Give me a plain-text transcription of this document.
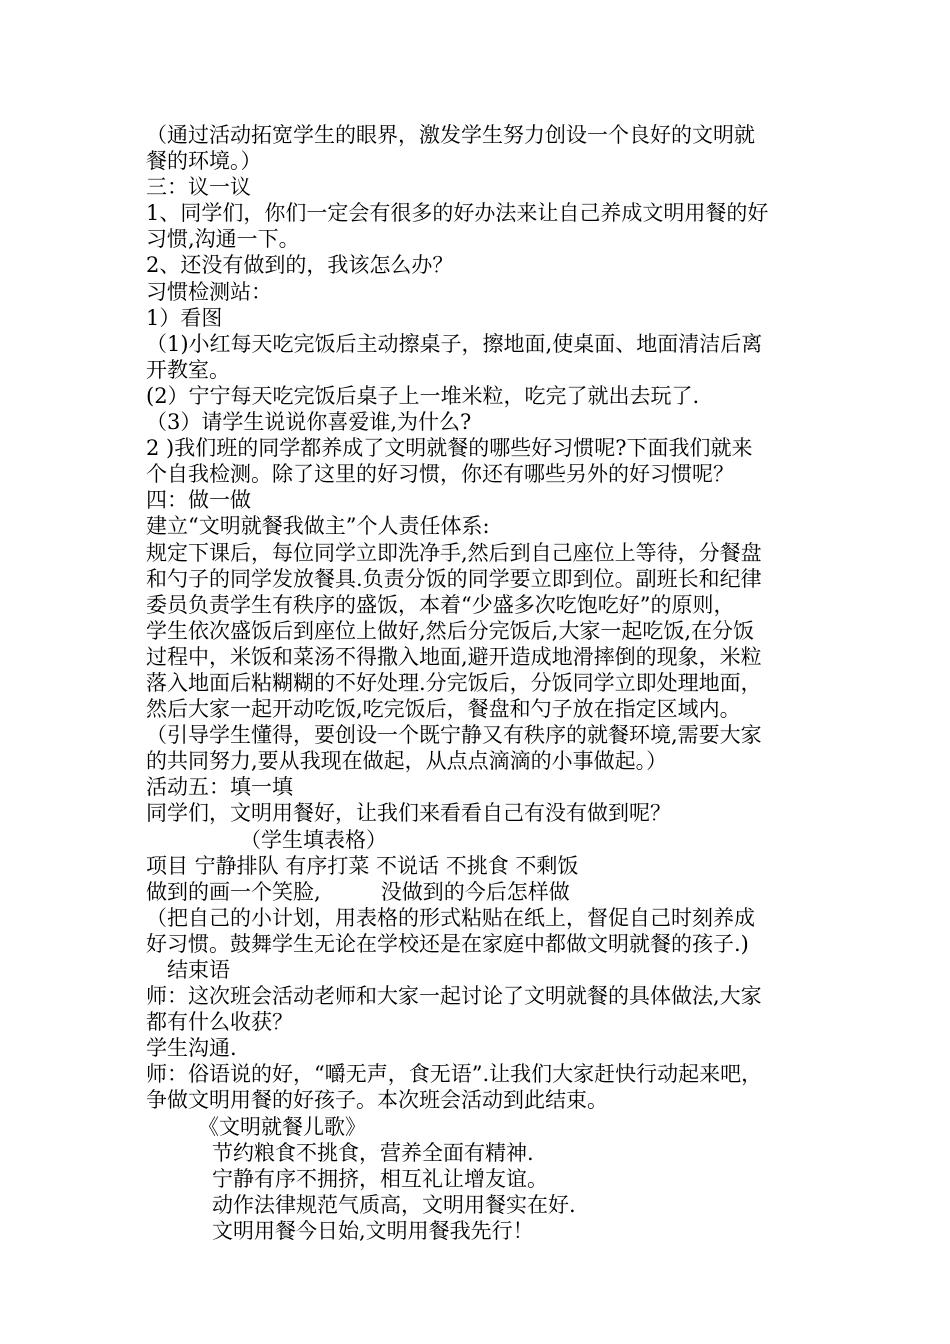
（通过活动拓宽学生的眼界，激发学生努力创设一个良好的文明就
餐的环境。）
三：议一议
1、同学们，你们一定会有很多的好办法来让自己养成文明用餐的好
习惯,沟通一下。
2、还没有做到的，我该怎么办？
习惯检测站：
1）看图
（1)小红每天吃完饭后主动擦桌子，擦地面,使桌面、地面清洁后离
开教室。
(2）宁宁每天吃完饭后桌子上一堆米粒，吃完了就出去玩了.
（3）请学生说说你喜爱谁,为什么?
2 )我们班的同学都养成了文明就餐的哪些好习惯呢?下面我们就来
个自我检测。除了这里的好习惯，你还有哪些另外的好习惯呢？
四：做一做
建立“文明就餐我做主”个人责任体系:
规定下课后，每位同学立即洗净手,然后到自己座位上等待，分餐盘
和勺子的同学发放餐具.负责分饭的同学要立即到位。副班长和纪律
委员负责学生有秩序的盛饭，本着“少盛多次吃饱吃好”的原则，
学生依次盛饭后到座位上做好,然后分完饭后,大家一起吃饭,在分饭
过程中，米饭和菜汤不得撒入地面,避开造成地滑摔倒的现象，米粒
落入地面后粘糊糊的不好处理.分完饭后，分饭同学立即处理地面，
然后大家一起开动吃饭,吃完饭后，餐盘和勺子放在指定区域内。
（引导学生懂得，要创设一个既宁静又有秩序的就餐环境,需要大家
的共同努力,要从我现在做起，从点点滴滴的小事做起。）
活动五：填一填
同学们，文明用餐好，让我们来看看自己有没有做到呢？
（学生填表格）
项目 宁静排队 有序打菜 不说话 不挑食 不剩饭
做到的画一个笑脸,         没做到的今后怎样做
（把自己的小计划，用表格的形式粘贴在纸上，督促自己时刻养成
好习惯。鼓舞学生无论在学校还是在家庭中都做文明就餐的孩子.)
结束语
师：这次班会活动老师和大家一起讨论了文明就餐的具体做法,大家
都有什么收获？
学生沟通.
师：俗语说的好，“嚼无声，食无语”.让我们大家赶快行动起来吧，
争做文明用餐的好孩子。本次班会活动到此结束。
《文明就餐儿歌》
节约粮食不挑食，营养全面有精神.
宁静有序不拥挤，相互礼让增友谊。
动作法律规范气质高，文明用餐实在好.
文明用餐今日始,文明用餐我先行！
